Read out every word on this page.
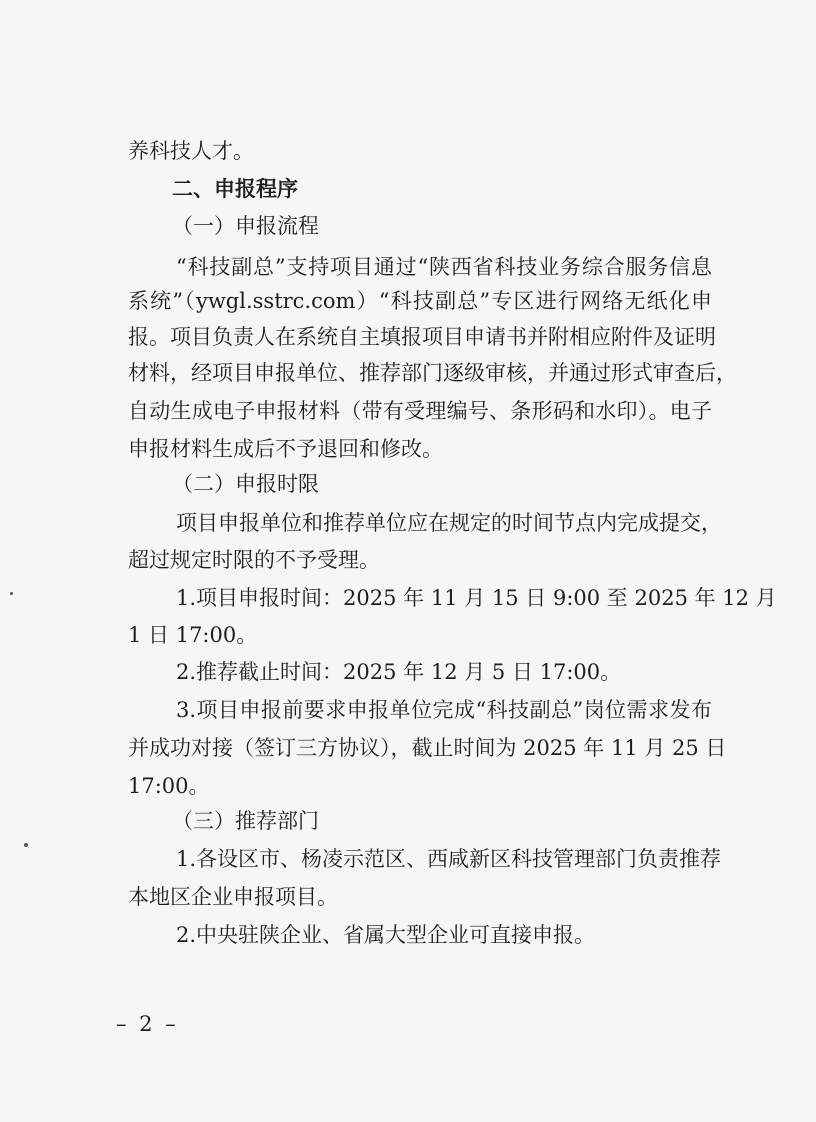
养科技人才。

二、申报程序

（一）申报流程

“科技副总”支持项目通过“陕西省科技业务综合服务信息

系统”（ywgl.sstrc.com）“科技副总”专区进行网络无纸化申

报。项目负责人在系统自主填报项目申请书并附相应附件及证明

材料，经项目申报单位、推荐部门逐级审核，并通过形式审查后，

自动生成电子申报材料（带有受理编号、条形码和水印）。电子

申报材料生成后不予退回和修改。

（二）申报时限

项目申报单位和推荐单位应在规定的时间节点内完成提交，

超过规定时限的不予受理。

1.项目申报时间：2025 年 11 月 15 日 9:00 至 2025 年 12 月

1 日 17:00。

2.推荐截止时间：2025 年 12 月 5 日 17:00。

3.项目申报前要求申报单位完成“科技副总”岗位需求发布

并成功对接（签订三方协议），截止时间为 2025 年 11 月 25 日

17:00。

（三）推荐部门

1.各设区市、杨凌示范区、西咸新区科技管理部门负责推荐

本地区企业申报项目。

2.中央驻陕企业、省属大型企业可直接申报。

– 2 –
